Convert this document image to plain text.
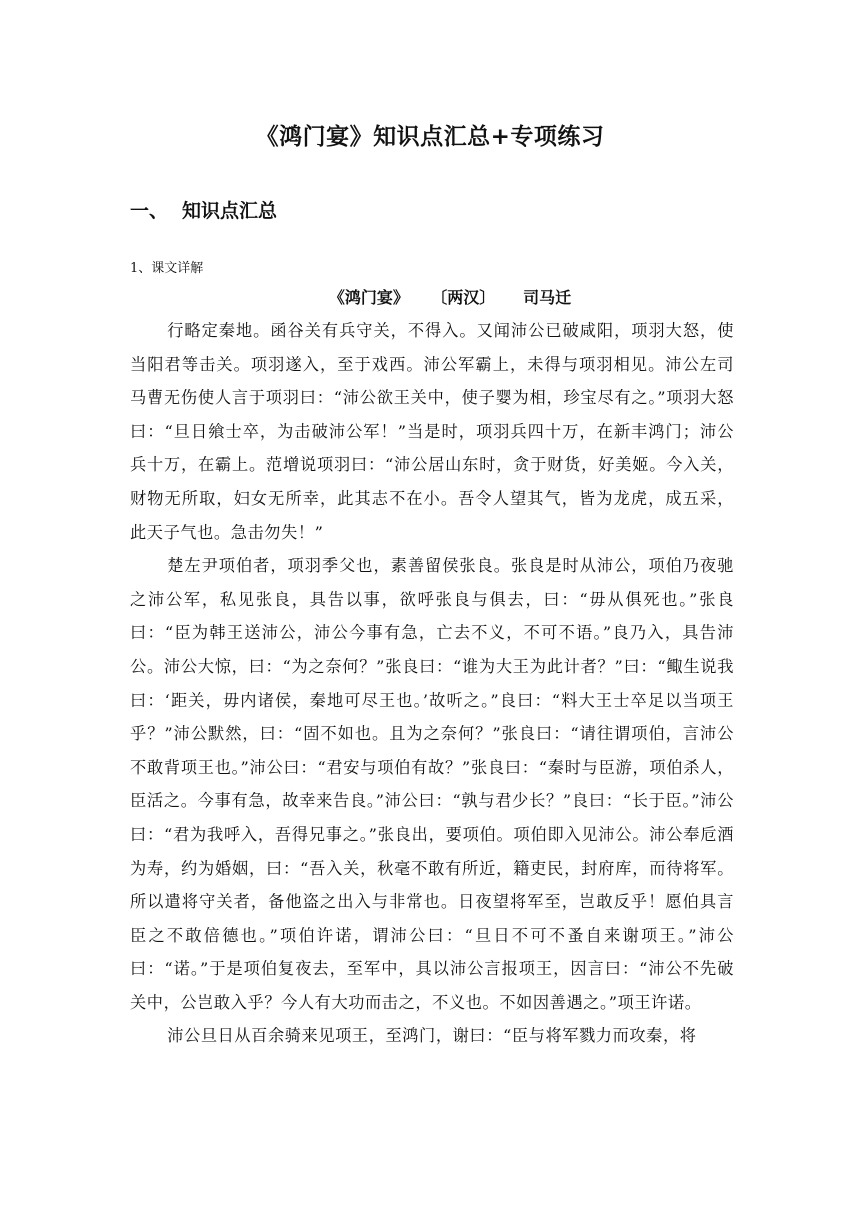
《鸿门宴》知识点汇总+专项练习
一、 知识点汇总
1、课文详解
《鸿门宴》 〔两汉〕 司马迁

行略定秦地。函谷关有兵守关，不得入。又闻沛公已破咸阳，项羽大怒，使当阳君等击关。项羽遂入，至于戏西。沛公军霸上，未得与项羽相见。沛公左司马曹无伤使人言于项羽曰：“沛公欲王关中，使子婴为相，珍宝尽有之。”项羽大怒曰：“旦日飨士卒，为击破沛公军！”当是时，项羽兵四十万，在新丰鸿门；沛公兵十万，在霸上。范增说项羽曰：“沛公居山东时，贪于财货，好美姬。今入关，财物无所取，妇女无所幸，此其志不在小。吾令人望其气，皆为龙虎，成五采，此天子气也。急击勿失！”

楚左尹项伯者，项羽季父也，素善留侯张良。张良是时从沛公，项伯乃夜驰之沛公军，私见张良，具告以事，欲呼张良与俱去，曰：“毋从俱死也。”张良曰：“臣为韩王送沛公，沛公今事有急，亡去不义，不可不语。”良乃入，具告沛公。沛公大惊，曰：“为之奈何？”张良曰：“谁为大王为此计者？”曰：“鲰生说我曰：‘距关，毋内诸侯，秦地可尽王也。’故听之。”良曰：“料大王士卒足以当项王乎？”沛公默然，曰：“固不如也。且为之奈何？”张良曰：“请往谓项伯，言沛公不敢背项王也。”沛公曰：“君安与项伯有故？”张良曰：“秦时与臣游，项伯杀人，臣活之。今事有急，故幸来告良。”沛公曰：“孰与君少长？”良曰：“长于臣。”沛公曰：“君为我呼入，吾得兄事之。”张良出，要项伯。项伯即入见沛公。沛公奉卮酒为寿，约为婚姻，曰：“吾入关，秋毫不敢有所近，籍吏民，封府库，而待将军。所以遣将守关者，备他盗之出入与非常也。日夜望将军至，岂敢反乎！愿伯具言臣之不敢倍德也。”项伯许诺，谓沛公曰：“旦日不可不蚤自来谢项王。”沛公曰：“诺。”于是项伯复夜去，至军中，具以沛公言报项王，因言曰：“沛公不先破关中，公岂敢入乎？今人有大功而击之，不义也。不如因善遇之。”项王许诺。

沛公旦日从百余骑来见项王，至鸿门，谢曰：“臣与将军戮力而攻秦，将
